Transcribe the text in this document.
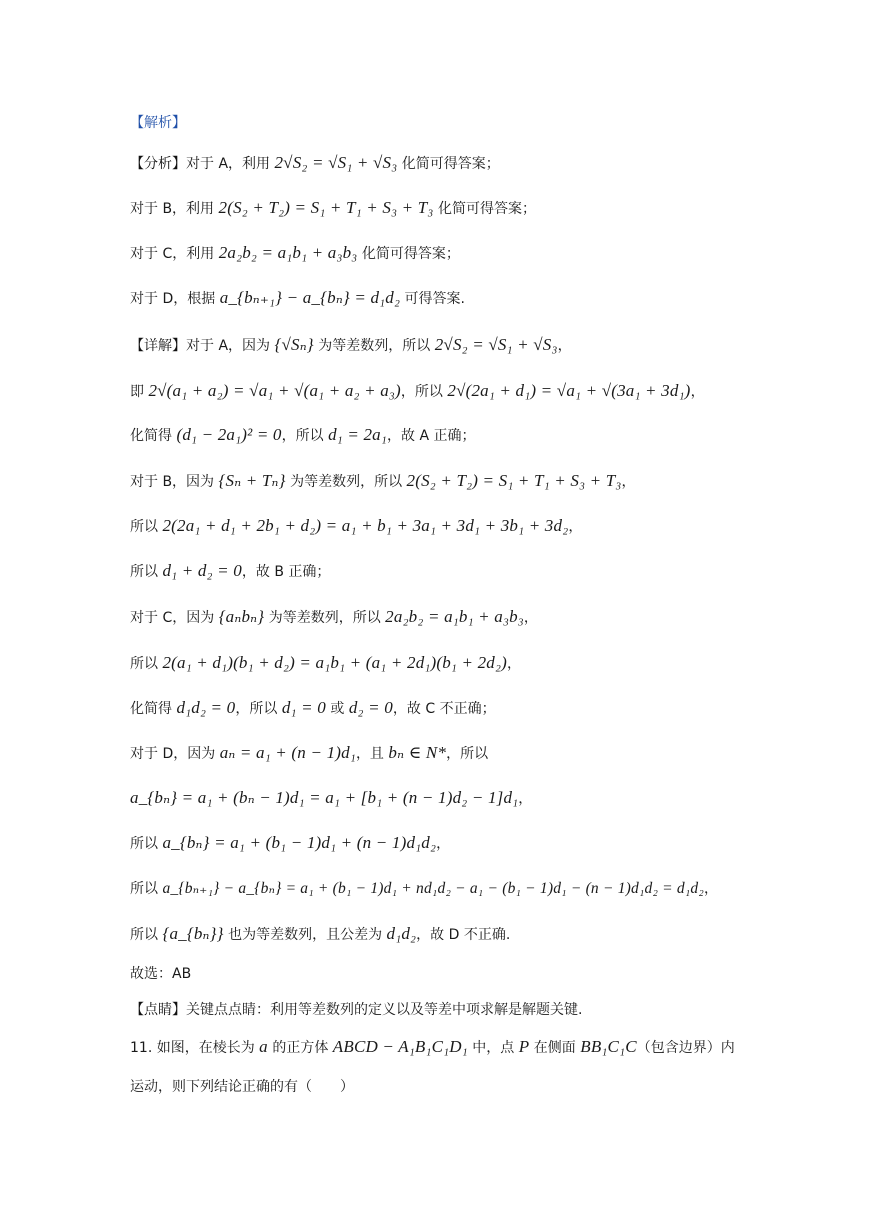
【解析】
【分析】对于 A，利用 2√S₂ = √S₁ + √S₃ 化简可得答案；
对于 B，利用 2(S₂ + T₂) = S₁ + T₁ + S₃ + T₃ 化简可得答案；
对于 C，利用 2a₂b₂ = a₁b₁ + a₃b₃ 化简可得答案；
对于 D，根据 a_{bₙ₊₁} − a_{bₙ} = d₁d₂ 可得答案.
【详解】对于 A，因为 {√Sₙ} 为等差数列，所以 2√S₂ = √S₁ + √S₃，
即 2√(a₁ + a₂) = √a₁ + √(a₁ + a₂ + a₃)，所以 2√(2a₁ + d₁) = √a₁ + √(3a₁ + 3d₁)，
化简得 (d₁ − 2a₁)² = 0，所以 d₁ = 2a₁，故 A 正确；
对于 B，因为 {Sₙ + Tₙ} 为等差数列，所以 2(S₂ + T₂) = S₁ + T₁ + S₃ + T₃，
所以 2(2a₁ + d₁ + 2b₁ + d₂) = a₁ + b₁ + 3a₁ + 3d₁ + 3b₁ + 3d₂，
所以 d₁ + d₂ = 0，故 B 正确；
对于 C，因为 {aₙbₙ} 为等差数列，所以 2a₂b₂ = a₁b₁ + a₃b₃，
所以 2(a₁ + d₁)(b₁ + d₂) = a₁b₁ + (a₁ + 2d₁)(b₁ + 2d₂)，
化简得 d₁d₂ = 0，所以 d₁ = 0 或 d₂ = 0，故 C 不正确；
对于 D，因为 aₙ = a₁ + (n − 1)d₁，且 bₙ ∈ N*，所以
a_{bₙ} = a₁ + (bₙ − 1)d₁ = a₁ + [b₁ + (n − 1)d₂ − 1]d₁，
所以 a_{bₙ} = a₁ + (b₁ − 1)d₁ + (n − 1)d₁d₂，
所以 a_{bₙ₊₁} − a_{bₙ} = a₁ + (b₁ − 1)d₁ + nd₁d₂ − a₁ − (b₁ − 1)d₁ − (n − 1)d₁d₂ = d₁d₂，
所以 {a_{bₙ}} 也为等差数列，且公差为 d₁d₂，故 D 不正确.
故选：AB
【点睛】关键点点睛：利用等差数列的定义以及等差中项求解是解题关键.
11. 如图，在棱长为 a 的正方体 ABCD − A₁B₁C₁D₁ 中，点 P 在侧面 BB₁C₁C（包含边界）内
运动，则下列结论正确的有（　　）
